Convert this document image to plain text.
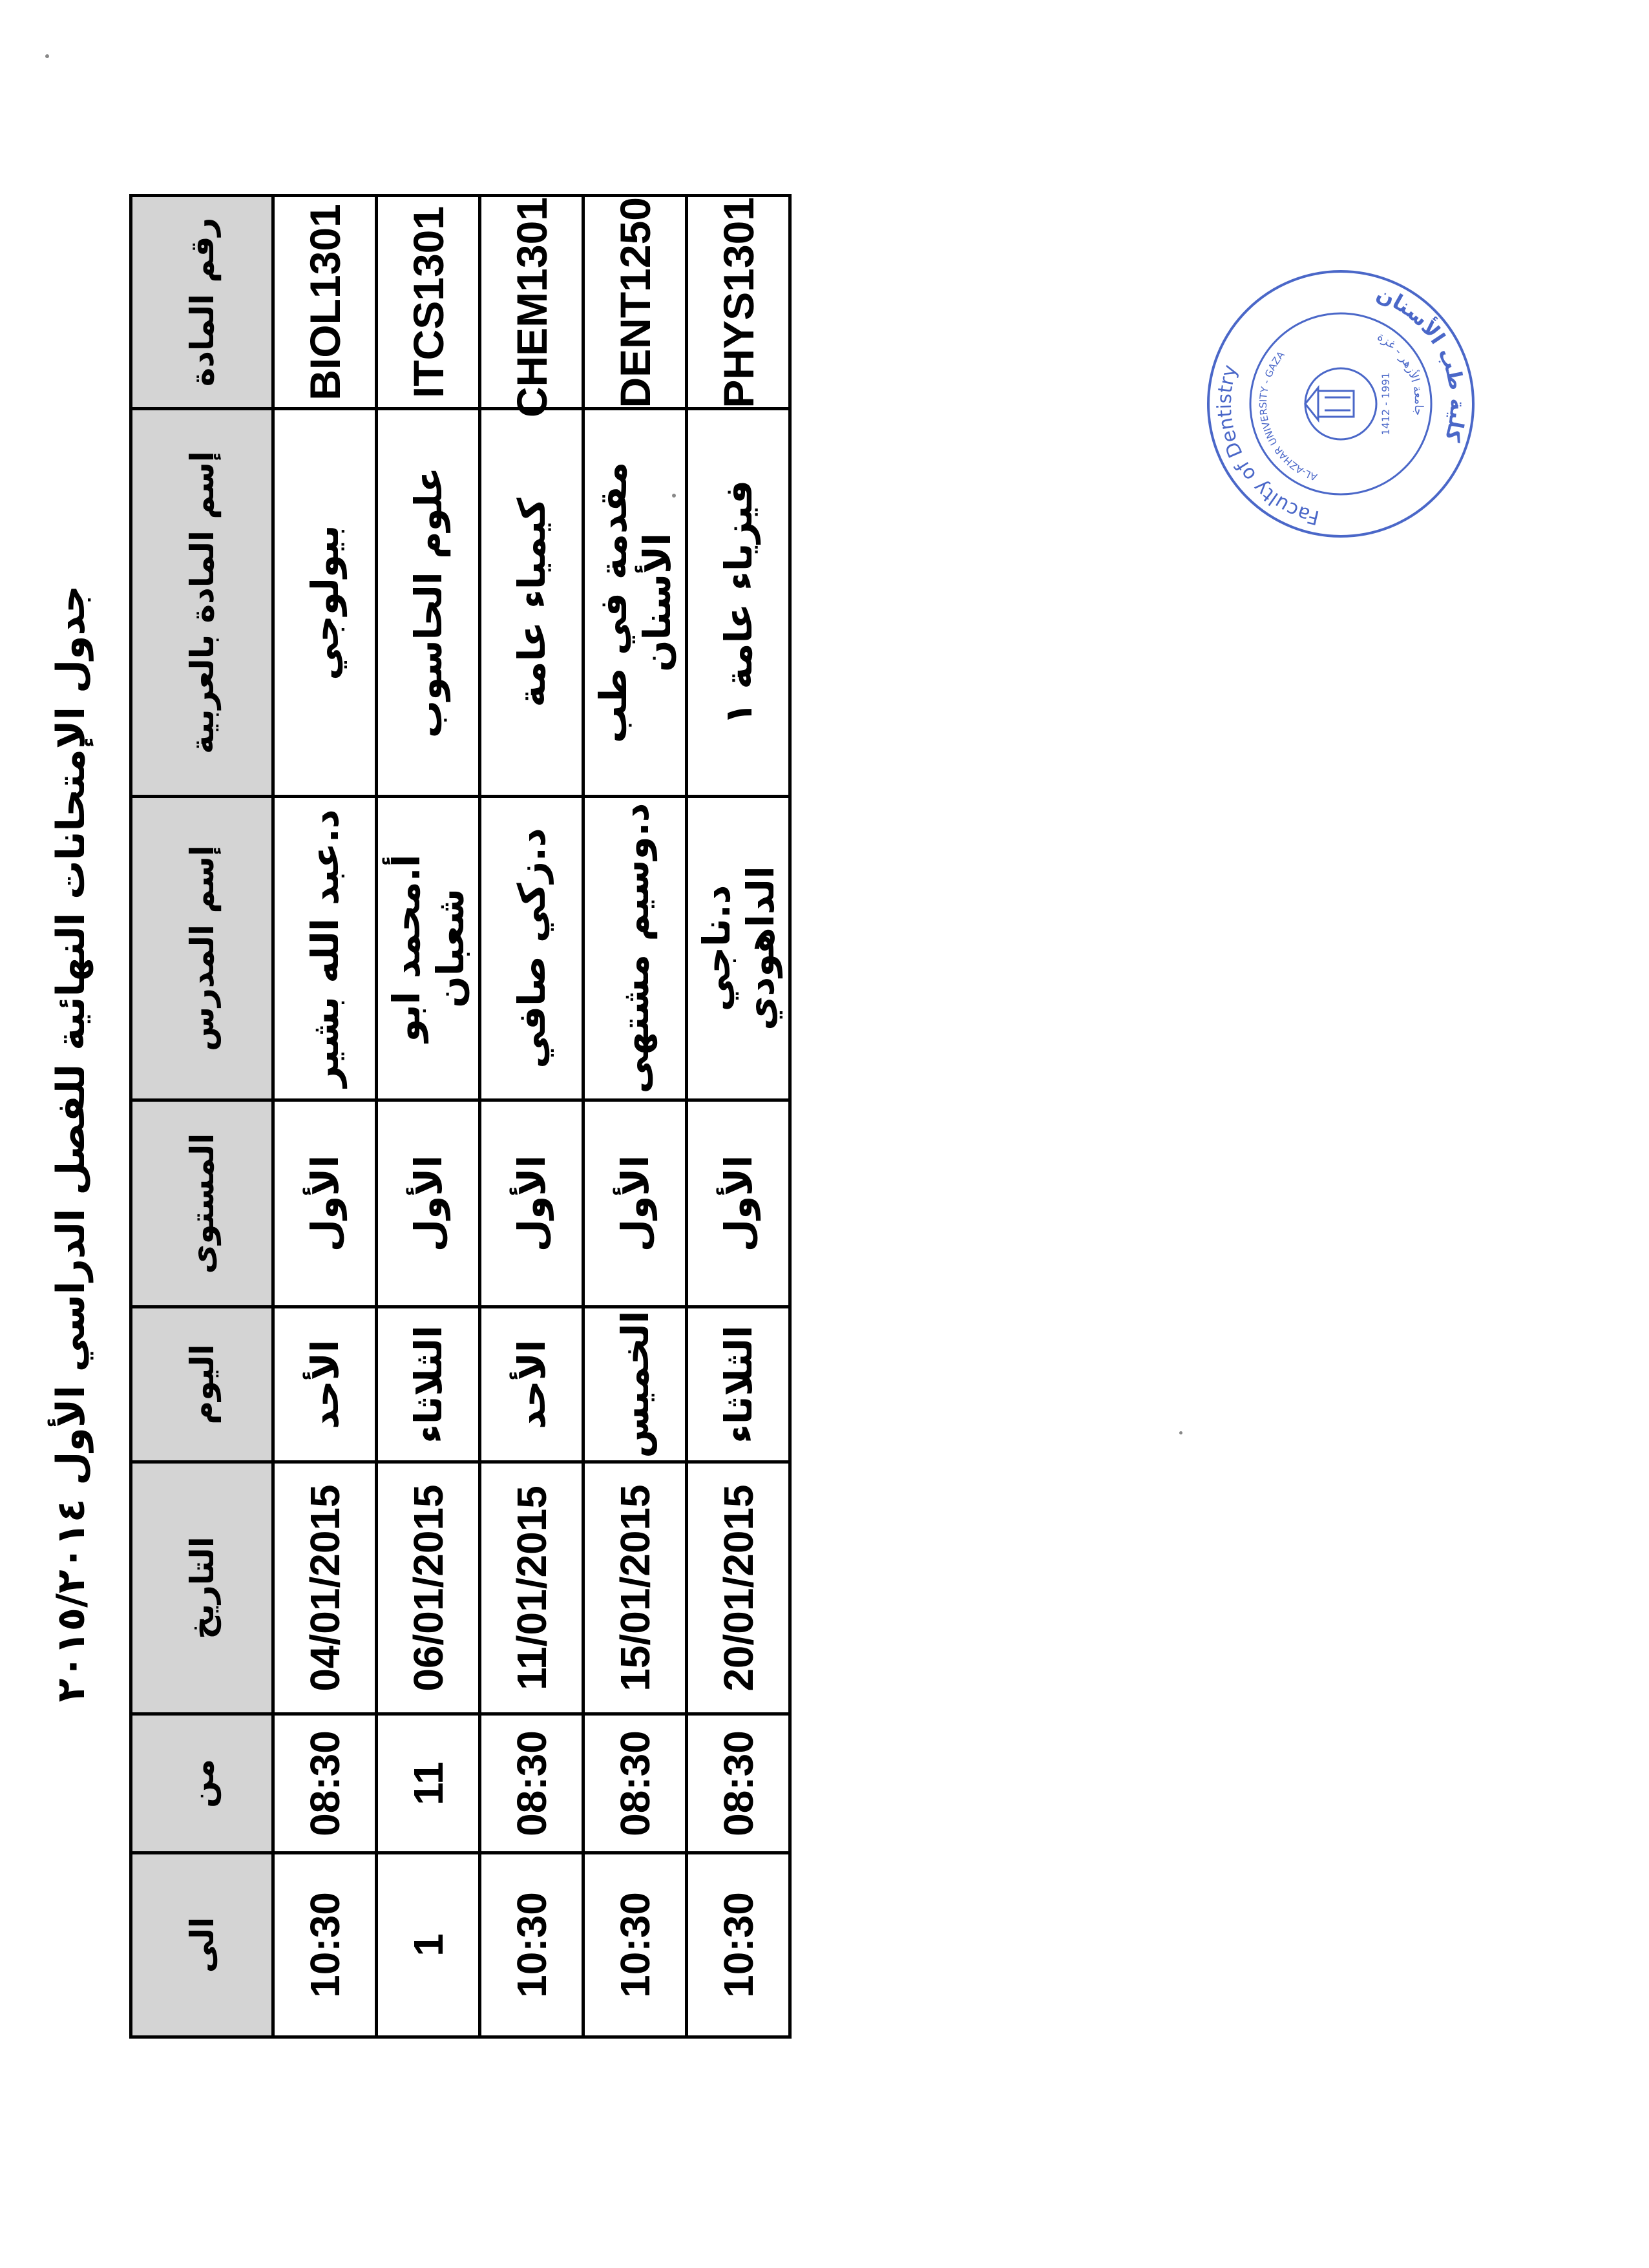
جدول الإمتحانات النهائية للفصل الدراسي الأول ٢٠١٥/٢٠١٤
رقم المادة	إسم المادة بالعربية	إسم المدرس	المستوى	اليوم	التاريخ	من	الى
BIOL1301	بيولوجي	د.عبد الله بشير	الأول	الأحد	04/01/2015	08:30	10:30
ITCS1301	علوم الحاسوب	أ.محمد ابو شعبان	الأول	الثلاثاء	06/01/2015	11	1
CHEM1301	كيمياء عامة	د.زكي صافي	الأول	الأحد	11/01/2015	08:30	10:30
DENT1250	مقدمة في طب الأسنان	د.وسيم مشتهى	الأول	الخميس	15/01/2015	08:30	10:30
PHYS1301	فيزياء عامة ١	د.ناجي الداهودي	الأول	الثلاثاء	20/01/2015	08:30	10:30
Faculty of Dentistry
كلية طب الأسنان
AL-AZHAR UNIVERSITY - GAZA
جامعة الأزهر - غزة
1412 - 1991
